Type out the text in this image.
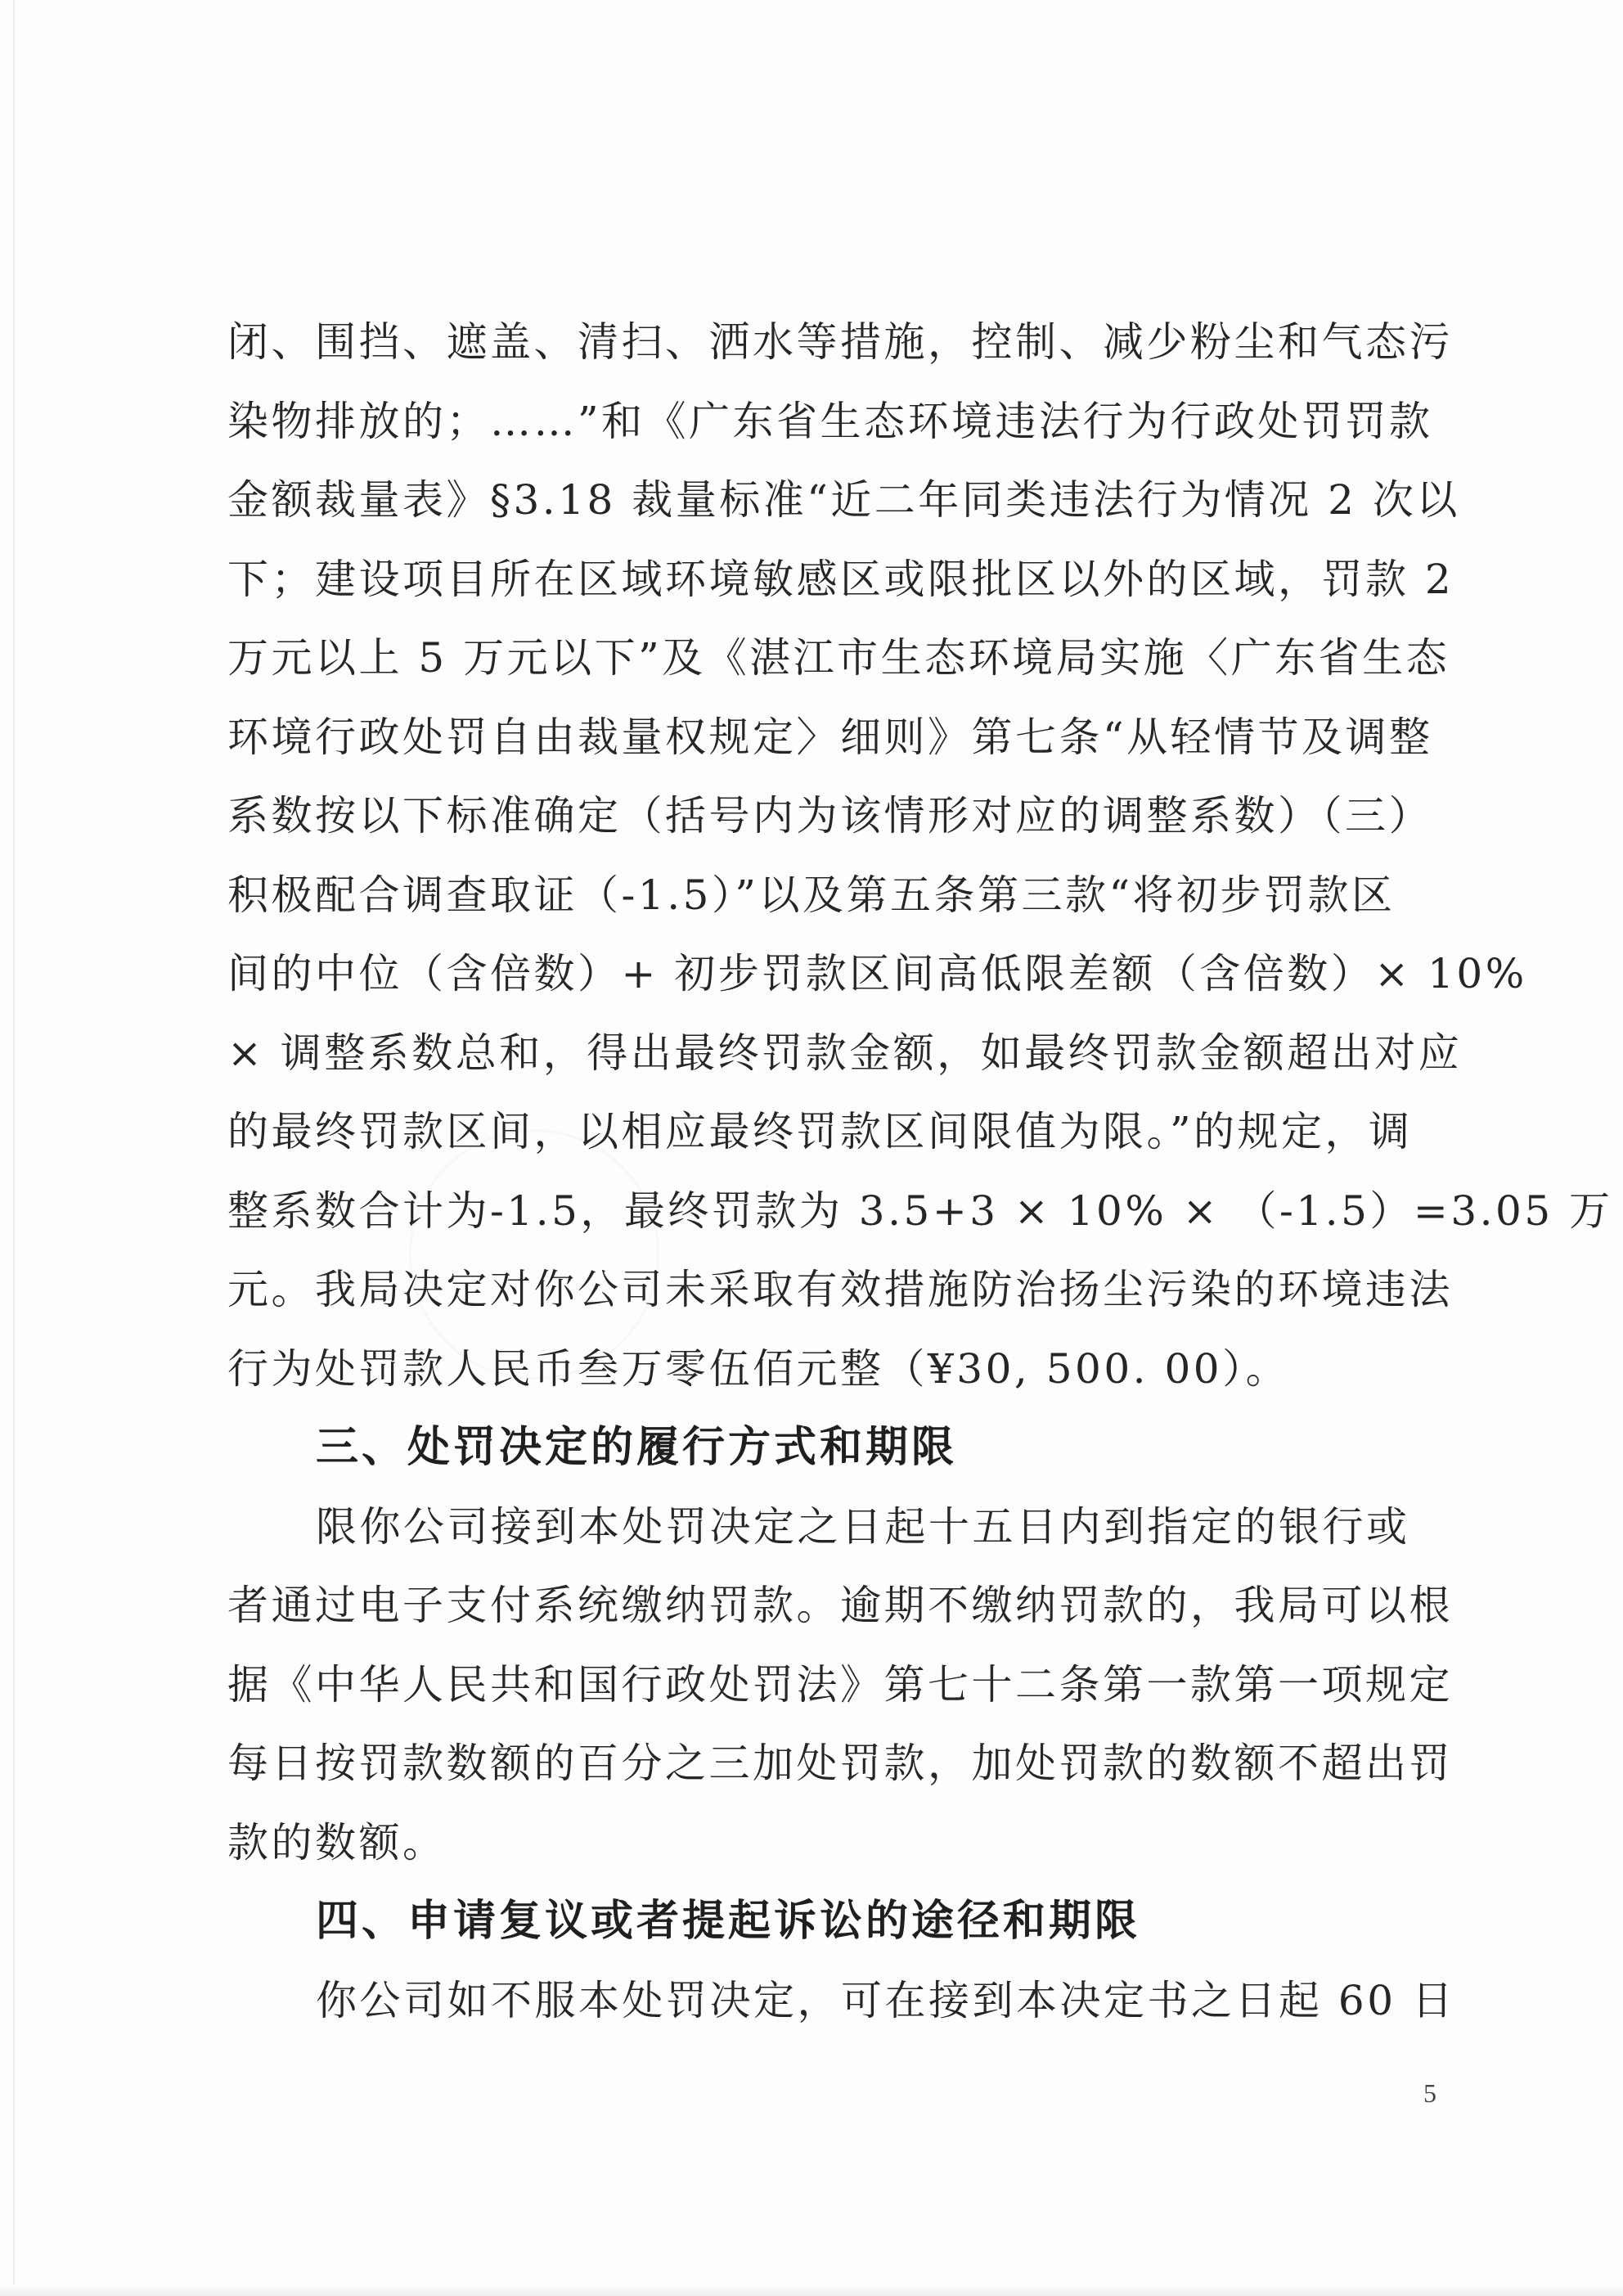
闭、围挡、遮盖、清扫、洒水等措施，控制、减少粉尘和气态污
染物排放的；……”和《广东省生态环境违法行为行政处罚罚款
金额裁量表》§3.18 裁量标准“近二年同类违法行为情况 2 次以
下；建设项目所在区域环境敏感区或限批区以外的区域，罚款 2
万元以上 5 万元以下”及《湛江市生态环境局实施〈广东省生态
环境行政处罚自由裁量权规定〉细则》第七条“从轻情节及调整
系数按以下标准确定（括号内为该情形对应的调整系数）（三）
积极配合调查取证（-1.5）”以及第五条第三款“将初步罚款区
间的中位（含倍数）+ 初步罚款区间高低限差额（含倍数）× 10%
× 调整系数总和，得出最终罚款金额，如最终罚款金额超出对应
的最终罚款区间，以相应最终罚款区间限值为限。”的规定，调
整系数合计为-1.5，最终罚款为 3.5+3 × 10% × （-1.5）=3.05 万
元。我局决定对你公司未采取有效措施防治扬尘污染的环境违法
行为处罚款人民币叁万零伍佰元整（¥30, 500. 00）。
三、处罚决定的履行方式和期限
限你公司接到本处罚决定之日起十五日内到指定的银行或
者通过电子支付系统缴纳罚款。逾期不缴纳罚款的，我局可以根
据《中华人民共和国行政处罚法》第七十二条第一款第一项规定
每日按罚款数额的百分之三加处罚款，加处罚款的数额不超出罚
款的数额。
四、申请复议或者提起诉讼的途径和期限
你公司如不服本处罚决定，可在接到本决定书之日起 60 日
5
